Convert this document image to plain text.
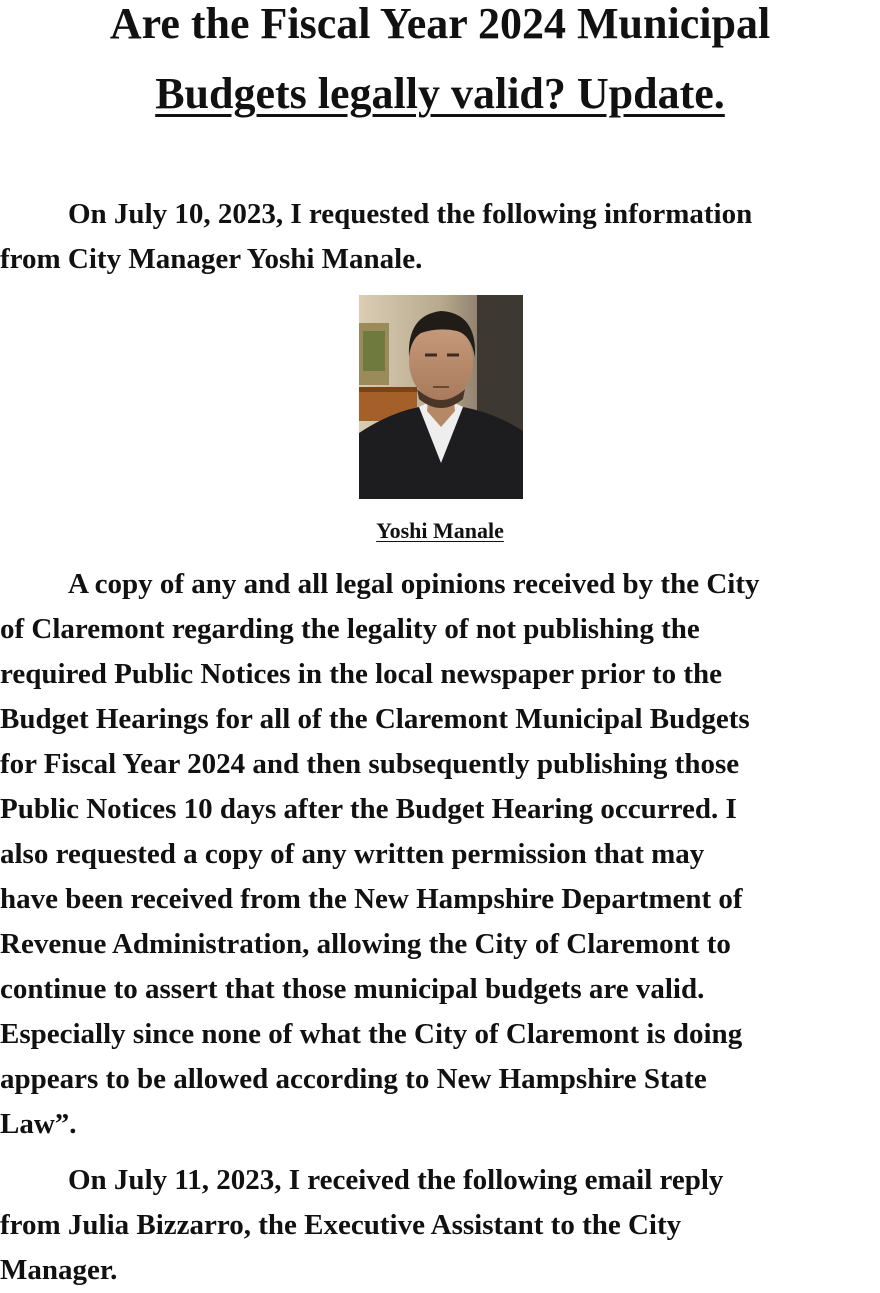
Are the Fiscal Year 2024 Municipal
Budgets legally valid? Update.
On July 10, 2023, I requested the following information
from City Manager Yoshi Manale.

Yoshi Manale

A copy of any and all legal opinions received by the City
of Claremont regarding the legality of not publishing the
required Public Notices in the local newspaper prior to the
Budget Hearings for all of the Claremont Municipal Budgets
for Fiscal Year 2024 and then subsequently publishing those
Public Notices 10 days after the Budget Hearing occurred. I
also requested a copy of any written permission that may
have been received from the New Hampshire Department of
Revenue Administration, allowing the City of Claremont to
continue to assert that those municipal budgets are valid.
Especially since none of what the City of Claremont is doing
appears to be allowed according to New Hampshire State
Law”.
On July 11, 2023, I received the following email reply
from Julia Bizzarro, the Executive Assistant to the City
Manager.
